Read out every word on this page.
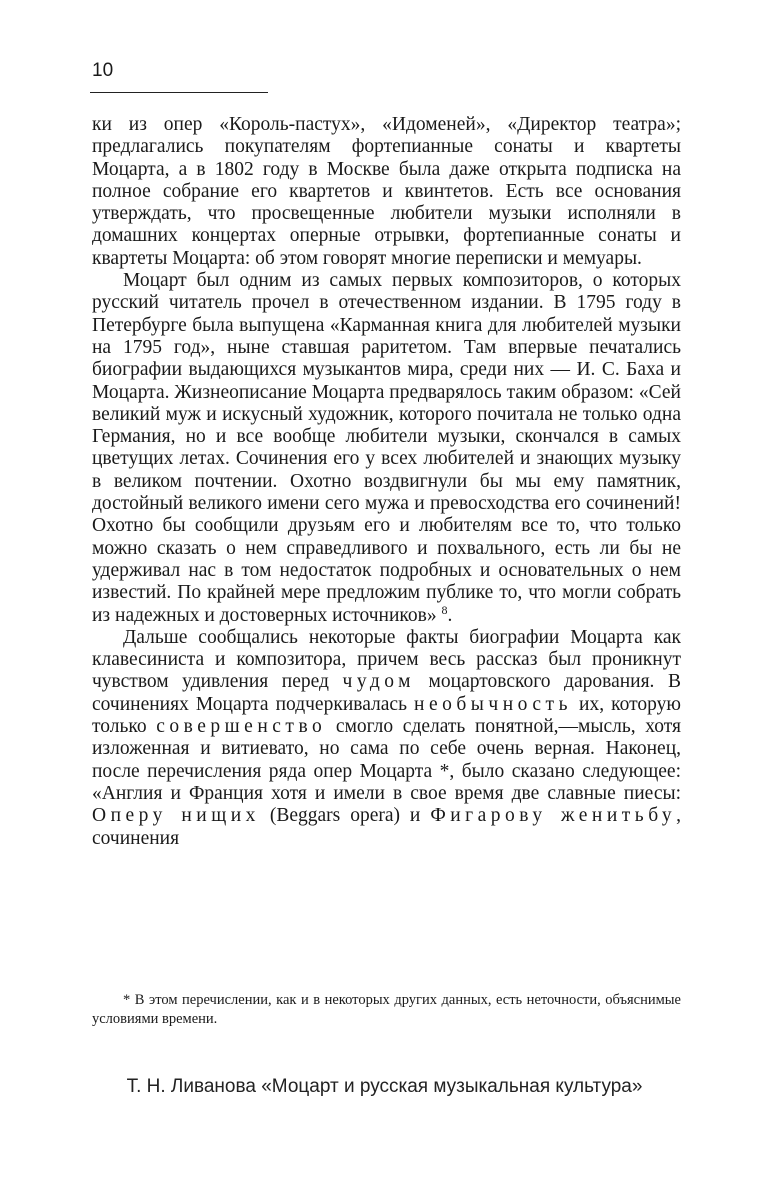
10

ки из опер «Король-пастух», «Идоменей», «Директор театра»; предлагались покупателям фортепианные сонаты и квартеты Моцарта, а в 1802 году в Москве была даже открыта подписка на полное собрание его квартетов и квинтетов. Есть все основания утверждать, что просвещенные любители музыки исполняли в домашних концертах оперные отрывки, фортепианные сонаты и квартеты Моцарта: об этом говорят многие переписки и мемуары.

Моцарт был одним из самых первых композиторов, о которых русский читатель прочел в отечественном издании. В 1795 году в Петербурге была выпущена «Карманная книга для любителей музыки на 1795 год», ныне ставшая раритетом. Там впервые печатались биографии выдающихся музыкантов мира, среди них — И. С. Баха и Моцарта. Жизнеописание Моцарта предварялось таким образом: «Сей великий муж и искусный художник, которого почитала не только одна Германия, но и все вообще любители музыки, скончался в самых цветущих летах. Сочинения его у всех любителей и знающих музыку в великом почтении. Охотно воздвигнули бы мы ему памятник, достойный великого имени сего мужа и превосходства его сочинений! Охотно бы сообщили друзьям его и любителям все то, что только можно сказать о нем справедливого и похвального, есть ли бы не удерживал нас в том недостаток подробных и основательных о нем известий. По крайней мере предложим публике то, что могли собрать из надежных и достоверных источников» $^8$.

Дальше сообщались некоторые факты биографии Моцарта как клавесиниста и композитора, причем весь рассказ был проникнут чувством удивления перед чудом моцартовского дарования. В сочинениях Моцарта подчеркивалась необычность их, которую только совершенство смогло сделать понятной,—мысль, хотя изложенная и витиевато, но сама по себе очень верная. Наконец, после перечисления ряда опер Моцарта *, было сказано следующее: «Англия и Франция хотя и имели в свое время две славные пиесы: Оперу нищих (Beggars opera) и Фигарову женитьбу, сочинения

* В этом перечислении, как и в некоторых других данных, есть неточности, объяснимые условиями времени.

Т. Н. Ливанова «Моцарт и русская музыкальная культура»
